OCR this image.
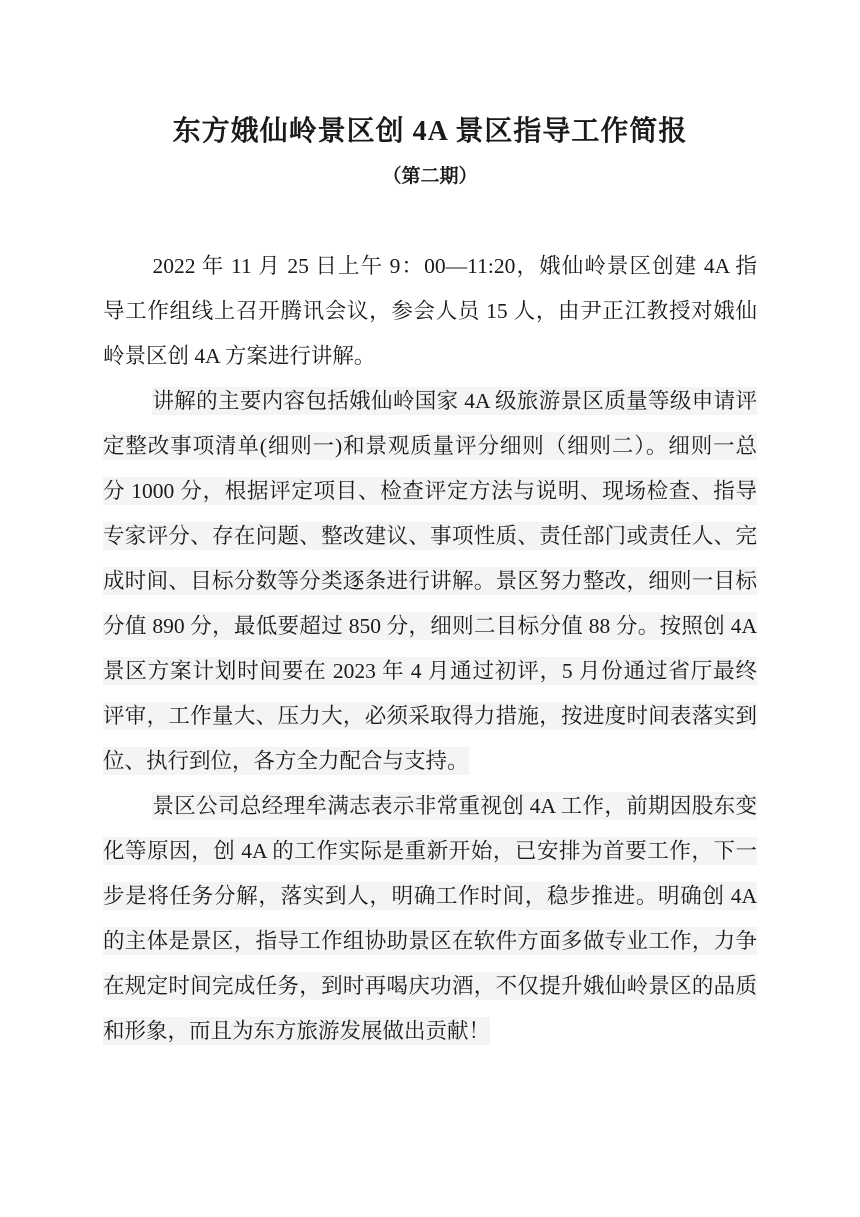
东方娥仙岭景区创 4A 景区指导工作简报
（第二期）
2022 年 11 月 25 日上午 9：00—11:20，娥仙岭景区创建 4A 指
导工作组线上召开腾讯会议，参会人员 15 人，由尹正江教授对娥仙
岭景区创 4A 方案进行讲解。
讲解的主要内容包括娥仙岭国家 4A 级旅游景区质量等级申请评
定整改事项清单(细则一)和景观质量评分细则（细则二）。细则一总
分 1000 分，根据评定项目、检查评定方法与说明、现场检查、指导
专家评分、存在问题、整改建议、事项性质、责任部门或责任人、完
成时间、目标分数等分类逐条进行讲解。景区努力整改，细则一目标
分值 890 分，最低要超过 850 分，细则二目标分值 88 分。按照创 4A
景区方案计划时间要在 2023 年 4 月通过初评，5 月份通过省厅最终
评审，工作量大、压力大，必须采取得力措施，按进度时间表落实到
位、执行到位，各方全力配合与支持。
景区公司总经理牟满志表示非常重视创 4A 工作，前期因股东变
化等原因，创 4A 的工作实际是重新开始，已安排为首要工作，下一
步是将任务分解，落实到人，明确工作时间，稳步推进。明确创 4A
的主体是景区，指导工作组协助景区在软件方面多做专业工作，力争
在规定时间完成任务，到时再喝庆功酒，不仅提升娥仙岭景区的品质
和形象，而且为东方旅游发展做出贡献！
